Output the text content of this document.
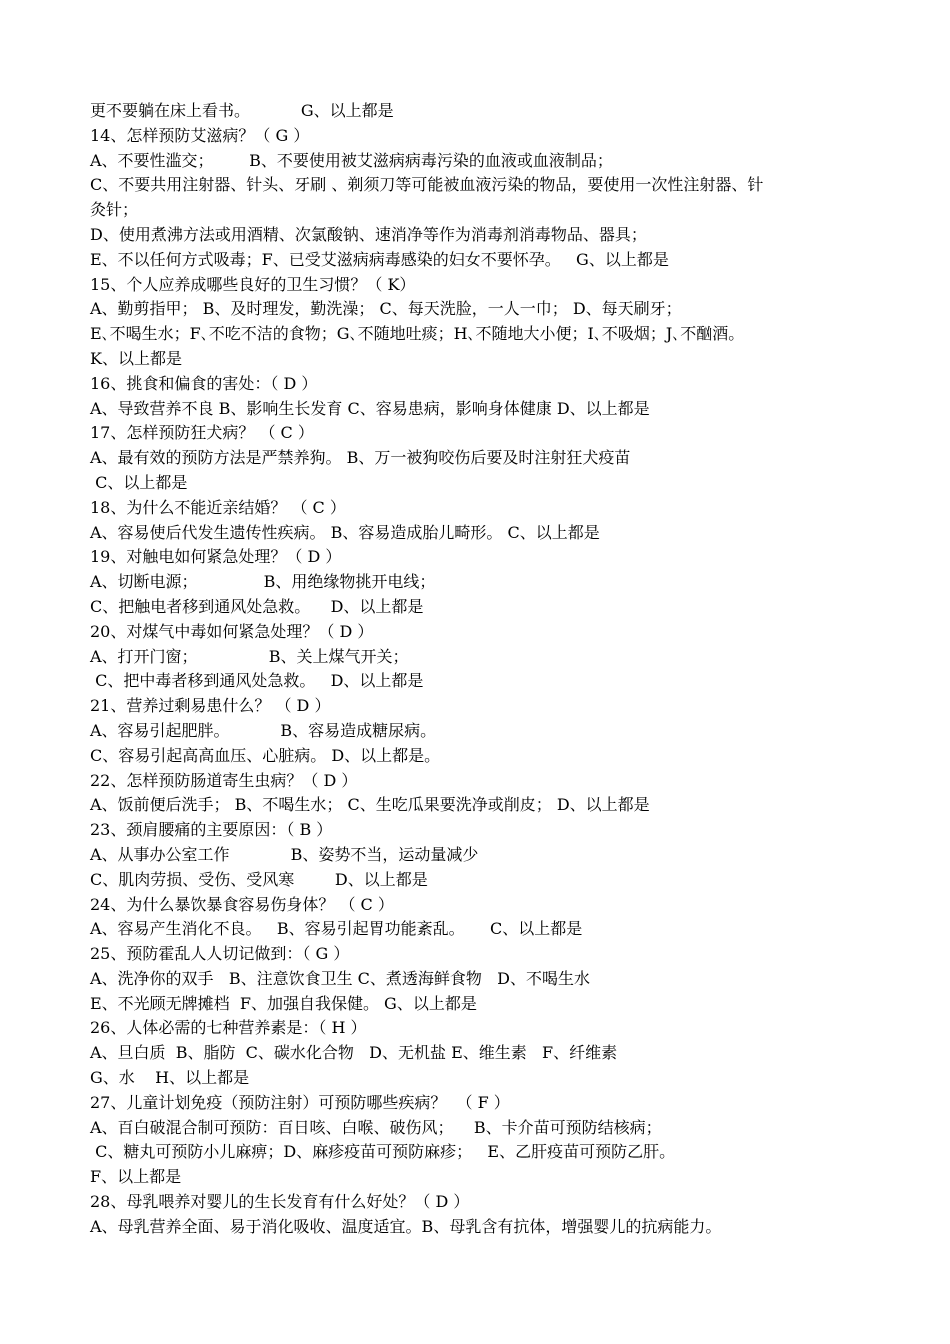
更不要躺在床上看书。          G、以上都是

14、怎样预防艾滋病？（ G ）

A、不要性滥交；       B、不要使用被艾滋病病毒污染的血液或血液制品；

C、不要共用注射器、针头、牙刷 、剃须刀等可能被血液污染的物品，要使用一次性注射器、针

灸针；

D、使用煮沸方法或用酒精、次氯酸钠、速消净等作为消毒剂消毒物品、器具；

E、不以任何方式吸毒；F、已受艾滋病病毒感染的妇女不要怀孕。   G、以上都是

15、个人应养成哪些良好的卫生习惯？（ K）

A、勤剪指甲； B、及时理发，勤洗澡； C、每天洗脸，一人一巾； D、每天刷牙；

E､不喝生水；F､不吃不洁的食物；G､不随地吐痰；H､不随地大小便；I､不吸烟；J､不酗酒。

K、以上都是

16、挑食和偏食的害处：（ D ）

A、导致营养不良 B、影响生长发育 C、容易患病，影响身体健康 D、以上都是

17、怎样预防狂犬病？ （ C ）

A、最有效的预防方法是严禁养狗。 B、万一被狗咬伤后要及时注射狂犬疫苗

C、以上都是

18、为什么不能近亲结婚？ （ C ）

A、容易使后代发生遗传性疾病。 B、容易造成胎儿畸形。 C、以上都是

19、对触电如何紧急处理？（ D ）

A、切断电源；             B、用绝缘物挑开电线；

C、把触电者移到通风处急救。    D、以上都是

20、对煤气中毒如何紧急处理？（ D ）

A、打开门窗；              B、关上煤气开关；

C、把中毒者移到通风处急救。   D、以上都是

21、营养过剩易患什么？ （ D ）

A、容易引起肥胖。          B、容易造成糖尿病。

C、容易引起高高血压、心脏病。 D、以上都是。

22、怎样预防肠道寄生虫病？（ D ）

A、饭前便后洗手； B、不喝生水； C、生吃瓜果要洗净或削皮； D、以上都是

23、颈肩腰痛的主要原因：（ B ）

A、从事办公室工作            B、姿势不当，运动量减少

C、肌肉劳损、受伤、受风寒        D、以上都是

24、为什么暴饮暴食容易伤身体？ （ C ）

A、容易产生消化不良。   B、容易引起胃功能紊乱。     C、以上都是

25、预防霍乱人人切记做到：（ G ）

A、洗净你的双手   B、注意饮食卫生 C、煮透海鲜食物   D、不喝生水

E、不光顾无牌摊档  F、加强自我保健。 G、以上都是

26、人体必需的七种营养素是：（ H ）

A、旦白质  B、脂防  C、碳水化合物   D、无机盐 E、维生素   F、纤维素

G、水    H、以上都是

27、儿童计划免疫（预防注射）可预防哪些疾病？  （ F ）

A、百白破混合制可预防：百日咳、白喉、破伤风；    B、卡介苗可预防结核病；

C、糖丸可预防小儿麻痹；D、麻疹疫苗可预防麻疹；   E、乙肝疫苗可预防乙肝。

F、以上都是

28、母乳喂养对婴儿的生长发育有什么好处？（ D ）

A、母乳营养全面、易于消化吸收、温度适宜。B、母乳含有抗体，增强婴儿的抗病能力。
